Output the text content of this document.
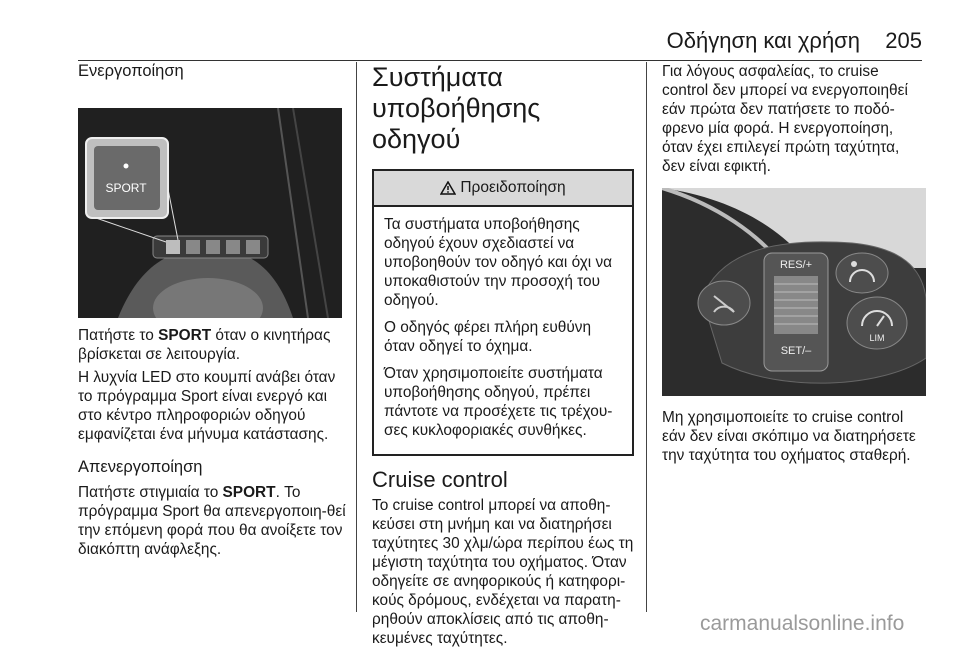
Οδήγηση και χρήση 205
Ενεργοποίηση
SPORT

Πατήστε το SPORT όταν ο κινητήρας βρίσκεται σε λειτουργία.

Η λυχνία LED στο κουμπί ανάβει όταν το πρόγραμμα Sport είναι ενεργό και στο κέντρο πληροφοριών οδηγού εμφανίζεται ένα μήνυμα κατάστασης.

Απενεργοποίηση

Πατήστε στιγμιαία το SPORT. Το πρόγραμμα Sport θα απενεργοποιη-θεί την επόμενη φορά που θα ανοίξετε τον διακόπτη ανάφλεξης.

Συστήματα
υποβοήθησης οδηγού
Προειδοποίηση

Τα συστήματα υποβοήθησης οδηγού έχουν σχεδιαστεί να υποβοηθούν τον οδηγό και όχι να υποκαθιστούν την προσοχή του οδηγού.

Ο οδηγός φέρει πλήρη ευθύνη όταν οδηγεί το όχημα.

Όταν χρησιμοποιείτε συστήματα υποβοήθησης οδηγού, πρέπει πάντοτε να προσέχετε τις τρέχου-σες κυκλοφοριακές συνθήκες.

Cruise control

Το cruise control μπορεί να αποθη-κεύσει στη μνήμη και να διατηρήσει ταχύτητες 30 χλμ/ώρα περίπου έως τη μέγιστη ταχύτητα του οχήματος. Όταν οδηγείτε σε ανηφορικούς ή κατηφορι-κούς δρόμους, ενδέχεται να παρατη-ρηθούν αποκλίσεις από τις αποθη-κευμένες ταχύτητες.

Για λόγους ασφαλείας, το cruise control δεν μπορεί να ενεργοποιηθεί εάν πρώτα δεν πατήσετε το ποδό-φρενο μία φορά. Η ενεργοποίηση, όταν έχει επιλεγεί πρώτη ταχύτητα, δεν είναι εφικτή.

RES/+
SET/–
LIM

Μη χρησιμοποιείτε το cruise control εάν δεν είναι σκόπιμο να διατηρήσετε την ταχύτητα του οχήματος σταθερή.

carmanualsonline.info
